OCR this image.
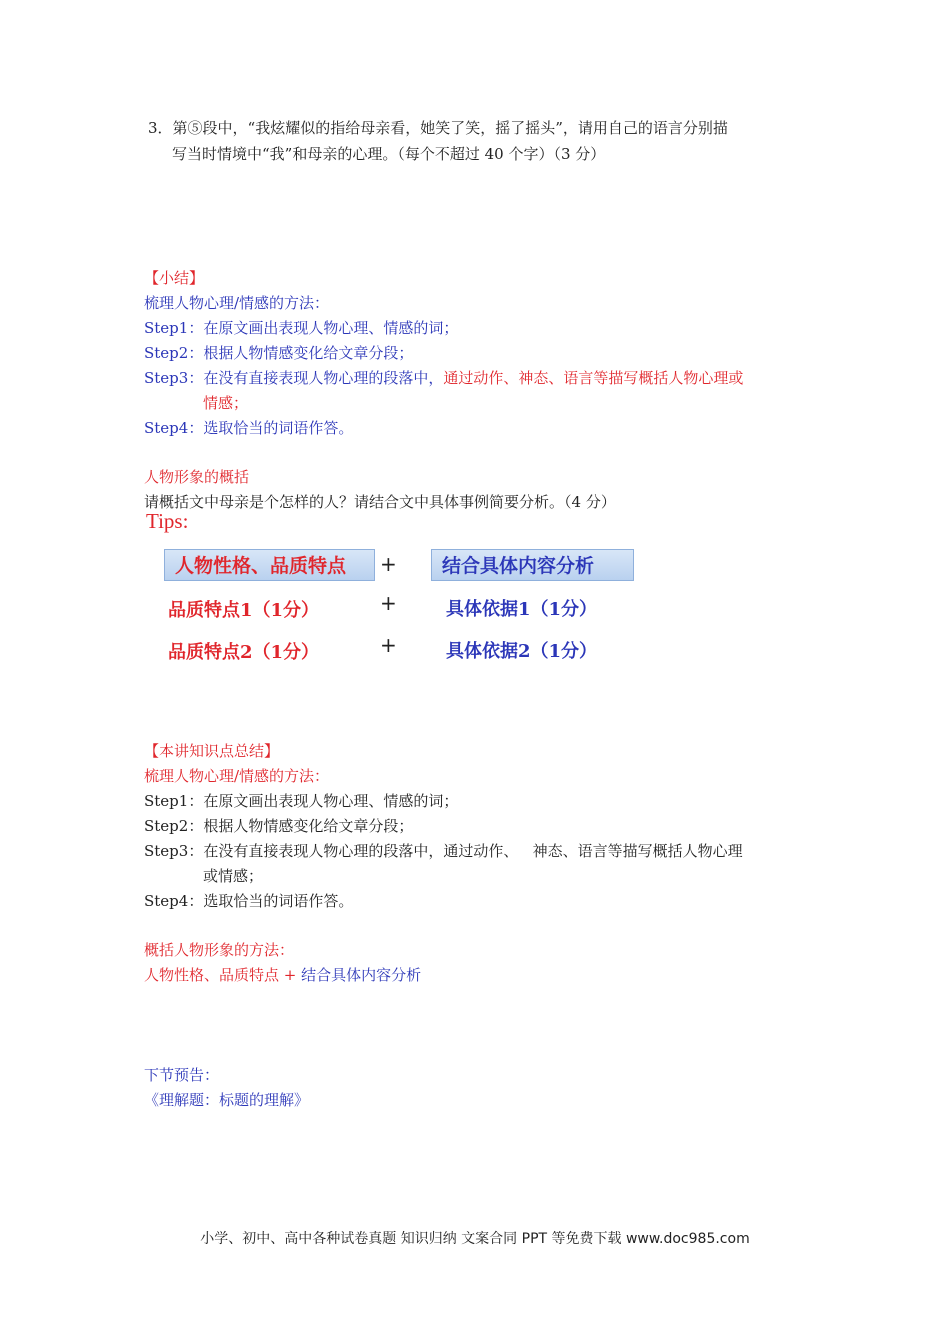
3．第⑤段中，“我炫耀似的指给母亲看，她笑了笑，摇了摇头”，请用自己的语言分别描
写当时情境中“我”和母亲的心理。（每个不超过 40 个字）（3 分）
【小结】
梳理人物心理/情感的方法：
Step1：在原文画出表现人物心理、情感的词；
Step2：根据人物情感变化给文章分段；
Step3：在没有直接表现人物心理的段落中，通过动作、神态、语言等描写概括人物心理或
情感；
Step4：选取恰当的词语作答。
人物形象的概括
请概括文中母亲是个怎样的人？请结合文中具体事例简要分析。（4 分）
Tips:
人物性格、品质特点	+	结合具体内容分析
品质特点1（1分）	+	具体依据1（1分）
品质特点2（1分）	+	具体依据2（1分）
【本讲知识点总结】
梳理人物心理/情感的方法：
Step1：在原文画出表现人物心理、情感的词；
Step2：根据人物情感变化给文章分段；
Step3：在没有直接表现人物心理的段落中，通过动作、   神态、语言等描写概括人物心理
或情感；
Step4：选取恰当的词语作答。
概括人物形象的方法：
人物性格、品质特点 + 结合具体内容分析
下节预告：
《理解题：标题的理解》
小学、初中、高中各种试卷真题 知识归纳 文案合同 PPT 等免费下载 www.doc985.com
